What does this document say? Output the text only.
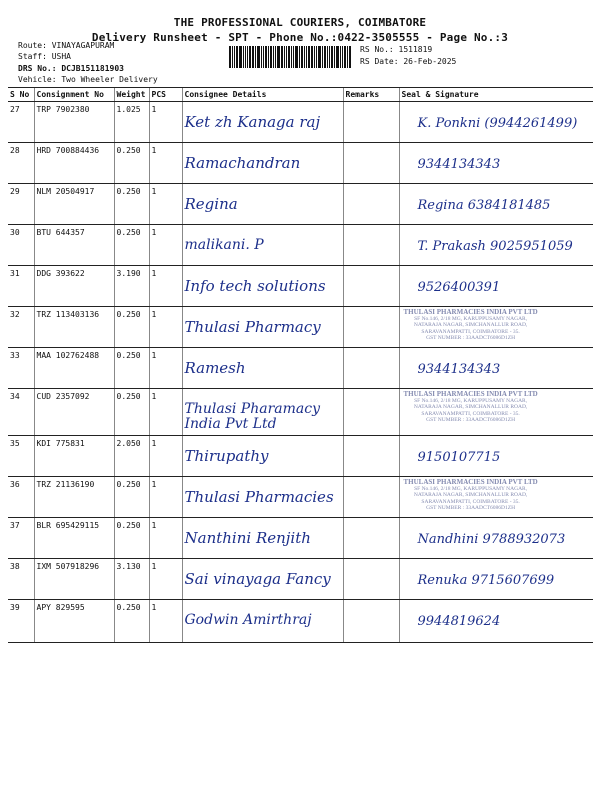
THE PROFESSIONAL COURIERS, COIMBATORE
Delivery Runsheet - SPT - Phone No.:0422-3505555 - Page No.:3
Route: VINAYAGAPURAM
Staff: USHA
DRS No.: DCJB151181903
Vehicle: Two Wheeler Delivery
RS No.: 1511819
RS Date: 26-Feb-2025
S No	Consignment No	Weight	PCS	Consignee Details	Remarks	Seal & Signature
27	TRP 7902380	1.025	1	Ket zh Kanaga raj		K. Ponkni (9944261499)

28	HRD 700884436	0.250	1	Ramachandran		9344134343

29	NLM 20504917	0.250	1	Regina		Regina 6384181485

30	BTU 644357	0.250	1	malikani. P		T. Prakash 9025951059

31	DDG 393622	3.190	1	Info tech solutions		9526400391

32	TRZ 113403136	0.250	1	Thulasi Pharmacy		THULASI PHARMACIES INDIA PVT LTD
SF No.146, 2/18 MG, KARUPPUSAMY NAGAR,
NATARAJA NAGAR, SIMCHANALLUR ROAD,
SARAVANAMPATTI, COIMBATORE - 35.
GST NUMBER : 33AADCT6086D1ZH

33	MAA 102762488	0.250	1	Ramesh		9344134343

34	CUD 2357092	0.250	1	Thulasi Pharamacy India Pvt Ltd		THULASI PHARMACIES INDIA PVT LTD
SF No.146, 2/18 MG, KARUPPUSAMY NAGAR,
NATARAJA NAGAR, SIMCHANALLUR ROAD,
SARAVANAMPATTI, COIMBATORE - 35.
GST NUMBER : 33AADCT6086D1ZH

35	KDI 775831	2.050	1	Thirupathy		9150107715

36	TRZ 21136190	0.250	1	Thulasi Pharmacies		THULASI PHARMACIES INDIA PVT LTD
SF No.146, 2/18 MG, KARUPPUSAMY NAGAR,
NATARAJA NAGAR, SIMCHANALLUR ROAD,
SARAVANAMPATTI, COIMBATORE - 35.
GST NUMBER : 33AADCT6086D1ZH

37	BLR 695429115	0.250	1	Nanthini Renjith		Nandhini 9788932073

38	IXM 507918296	3.130	1	Sai vinayaga Fancy		Renuka 9715607699

39	APY 829595	0.250	1	Godwin Amirthraj		9944819624
